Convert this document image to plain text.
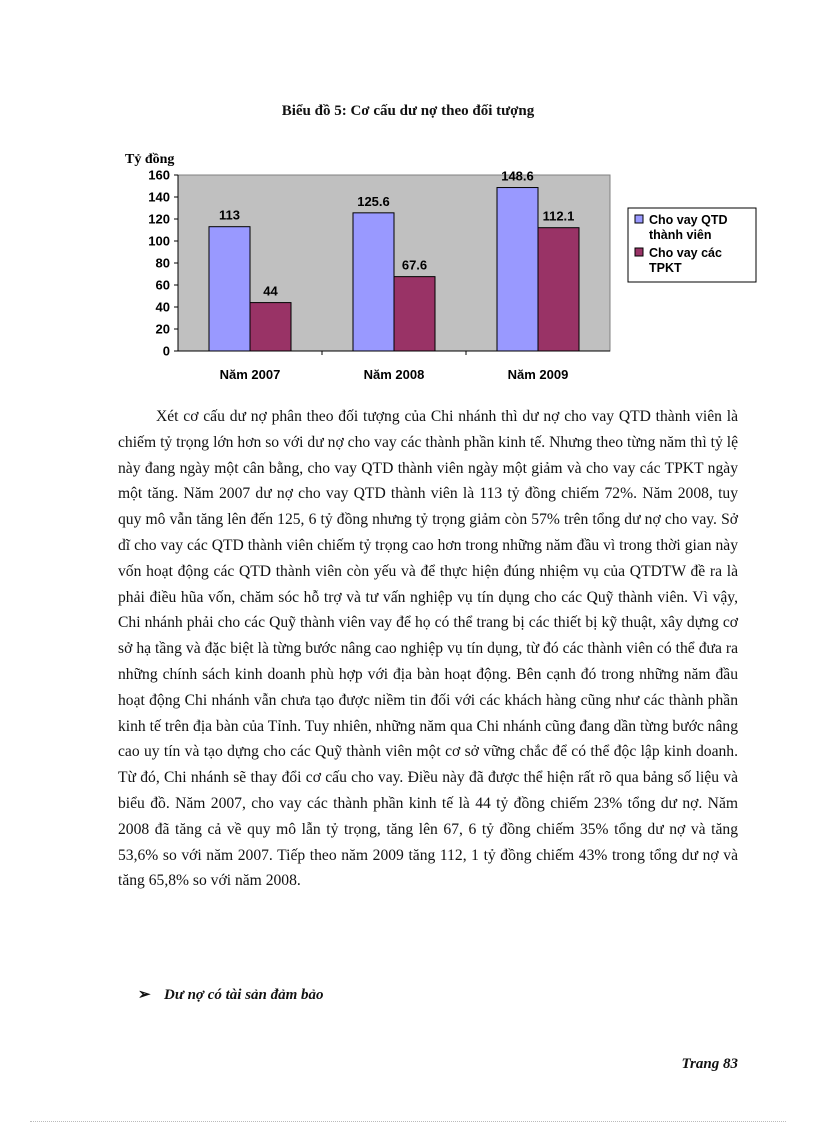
Biểu đồ 5: Cơ cấu dư nợ theo đối tượng
Tỷ đồng
0
20
40
60
80
100
120
140
160
113
44
125.6
67.6
148.6
112.1
Năm 2007	Năm 2008	Năm 2009
Cho vay QTD
thành viên
Cho vay các
TPKT

Xét cơ cấu dư nợ phân theo đối tượng của Chi nhánh thì dư nợ cho vay QTD thành viên là chiếm tỷ trọng lớn hơn so với dư nợ cho vay các thành phần kinh tế. Nhưng theo từng năm thì tỷ lệ này đang ngày một cân bằng, cho vay QTD thành viên ngày một giảm và cho vay các TPKT ngày một tăng. Năm 2007 dư nợ cho vay QTD thành viên là 113 tỷ đồng chiếm 72%. Năm 2008, tuy quy mô vẫn tăng lên đến 125, 6 tỷ đồng nhưng tỷ trọng giảm còn 57% trên tổng dư nợ cho vay. Sở dĩ cho vay các QTD thành viên chiếm tỷ trọng cao hơn trong những năm đầu vì trong thời gian này vốn hoạt động các QTD thành viên còn yếu và để thực hiện đúng nhiệm vụ của QTDTW đề ra là phải điều hũa vốn, chăm sóc hỗ trợ và tư vấn nghiệp vụ tín dụng cho các Quỹ thành viên. Vì vậy, Chi nhánh phải cho các Quỹ thành viên vay để họ có thể trang bị các thiết bị kỹ thuật, xây dựng cơ sở hạ tầng và đặc biệt là từng bước nâng cao nghiệp vụ tín dụng, từ đó các thành viên có thể đưa ra những chính sách kinh doanh phù hợp với địa bàn hoạt động. Bên cạnh đó trong những năm đầu hoạt động Chi nhánh vẫn chưa tạo được niềm tin đối với các khách hàng cũng như các thành phần kinh tế trên địa bàn của Tỉnh. Tuy nhiên, những năm qua Chi nhánh cũng đang dần từng bước nâng cao uy tín và tạo dựng cho các Quỹ thành viên một cơ sở vững chắc để có thể độc lập kinh doanh. Từ đó, Chi nhánh sẽ thay đổi cơ cấu cho vay. Điều này đã được thể hiện rất rõ qua bảng số liệu và biểu đồ. Năm 2007, cho vay các thành phần kinh tế là 44 tỷ đồng chiếm 23% tổng dư nợ. Năm 2008 đã tăng cả về quy mô lẫn tỷ trọng, tăng lên 67, 6 tỷ đồng chiếm 35% tổng dư nợ và tăng 53,6% so với năm 2007. Tiếp theo năm 2009 tăng 112, 1 tỷ đồng chiếm 43% trong tổng dư nợ và tăng 65,8% so với năm 2008.

➢ Dư nợ có tài sản đảm bảo
Trang 83
